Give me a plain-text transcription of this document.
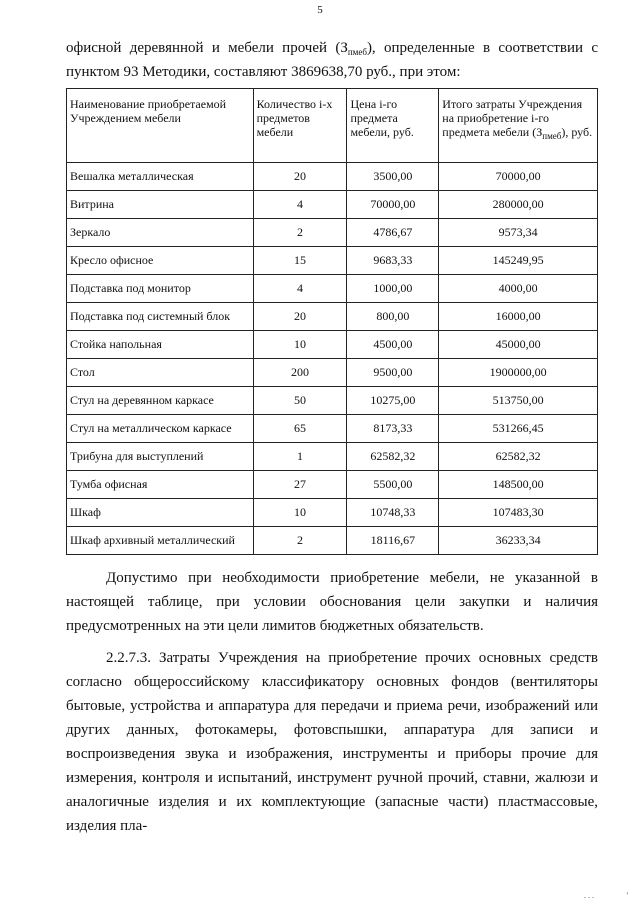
5

офисной деревянной и мебели прочей $(З_{пмеб})$, определенные в соответствии с

пунктом 93 Методики, составляют 3869638,70 руб., при этом:

Наименование приобретаемой Учреждением мебели	Количество i-х предметов мебели	Цена i-го предмета мебели, руб.	Итого затраты Учреждения на приобретение i-го предмета мебели $(З_{пмеб})$, руб.
Вешалка металлическая	20	3500,00	70000,00
Витрина	4	70000,00	280000,00
Зеркало	2	4786,67	9573,34
Кресло офисное	15	9683,33	145249,95
Подставка под монитор	4	1000,00	4000,00
Подставка под системный блок	20	800,00	16000,00
Стойка напольная	10	4500,00	45000,00
Стол	200	9500,00	1900000,00
Стул на деревянном каркасе	50	10275,00	513750,00
Стул на металлическом каркасе	65	8173,33	531266,45
Трибуна для выступлений	1	62582,32	62582,32
Тумба офисная	27	5500,00	148500,00
Шкаф	10	10748,33	107483,30
Шкаф архивный металлический	2	18116,67	36233,34

Допустимо при необходимости приобретение мебели, не указанной в настоящей таблице, при условии обоснования цели закупки и наличия предусмотренных на эти цели лимитов бюджетных обязательств.

2.2.7.3. Затраты Учреждения на приобретение прочих основных средств согласно общероссийскому классификатору основных фондов (вентиляторы бытовые, устройства и аппаратура для передачи и приема речи, изображений или других данных, фотокамеры, фотовспышки, аппаратура для записи и воспроизведения звука и изображения, инструменты и приборы прочие для измерения, контроля и испытаний, инструмент ручной прочий, ставни, жалюзи и аналогичные изделия и их комплектующие (запасные части) пластмассовые, изделия пла-

...	'
